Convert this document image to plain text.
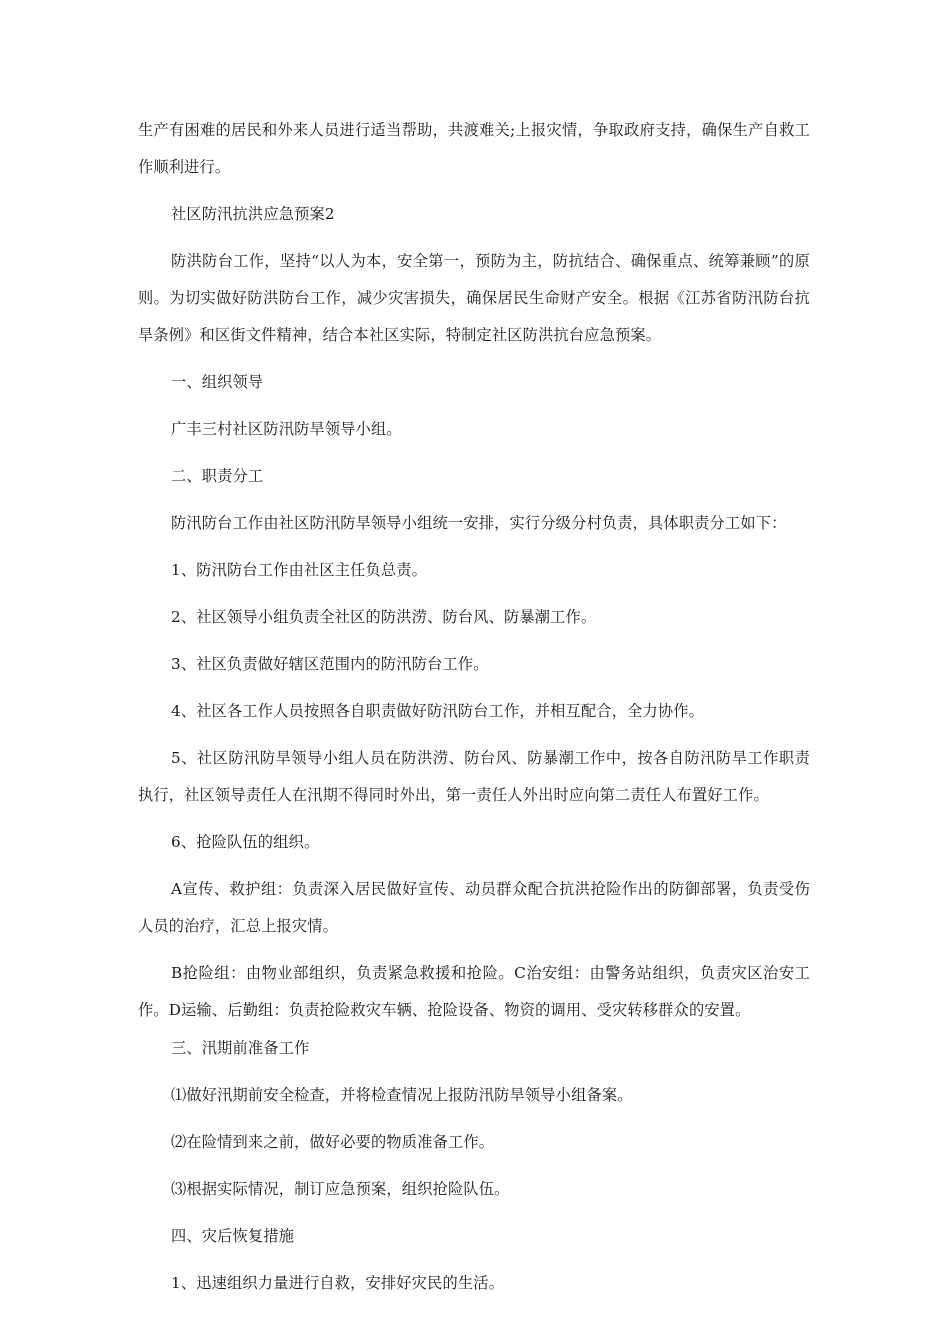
生产有困难的居民和外来人员进行适当帮助，共渡难关;上报灾情，争取政府支持，确保生产自救工作顺利进行。

社区防汛抗洪应急预案2

防洪防台工作，坚持“以人为本，安全第一，预防为主，防抗结合、确保重点、统筹兼顾”的原则。为切实做好防洪防台工作，减少灾害损失，确保居民生命财产安全。根据《江苏省防汛防台抗旱条例》和区街文件精神，结合本社区实际，特制定社区防洪抗台应急预案。

一、组织领导

广丰三村社区防汛防旱领导小组。

二、职责分工

防汛防台工作由社区防汛防旱领导小组统一安排，实行分级分村负责，具体职责分工如下：

1、防汛防台工作由社区主任负总责。

2、社区领导小组负责全社区的防洪涝、防台风、防暴潮工作。

3、社区负责做好辖区范围内的防汛防台工作。

4、社区各工作人员按照各自职责做好防汛防台工作，并相互配合，全力协作。

5、社区防汛防旱领导小组人员在防洪涝、防台风、防暴潮工作中，按各自防汛防旱工作职责执行，社区领导责任人在汛期不得同时外出，第一责任人外出时应向第二责任人布置好工作。

6、抢险队伍的组织。

A宣传、救护组：负责深入居民做好宣传、动员群众配合抗洪抢险作出的防御部署，负责受伤人员的治疗，汇总上报灾情。

B抢险组：由物业部组织，负责紧急救援和抢险。C治安组：由警务站组织，负责灾区治安工作。D运输、后勤组：负责抢险救灾车辆、抢险设备、物资的调用、受灾转移群众的安置。

三、汛期前准备工作

⑴做好汛期前安全检查，并将检查情况上报防汛防旱领导小组备案。

⑵在险情到来之前，做好必要的物质准备工作。

⑶根据实际情况，制订应急预案，组织抢险队伍。

四、灾后恢复措施

1、迅速组织力量进行自救，安排好灾民的生活。
